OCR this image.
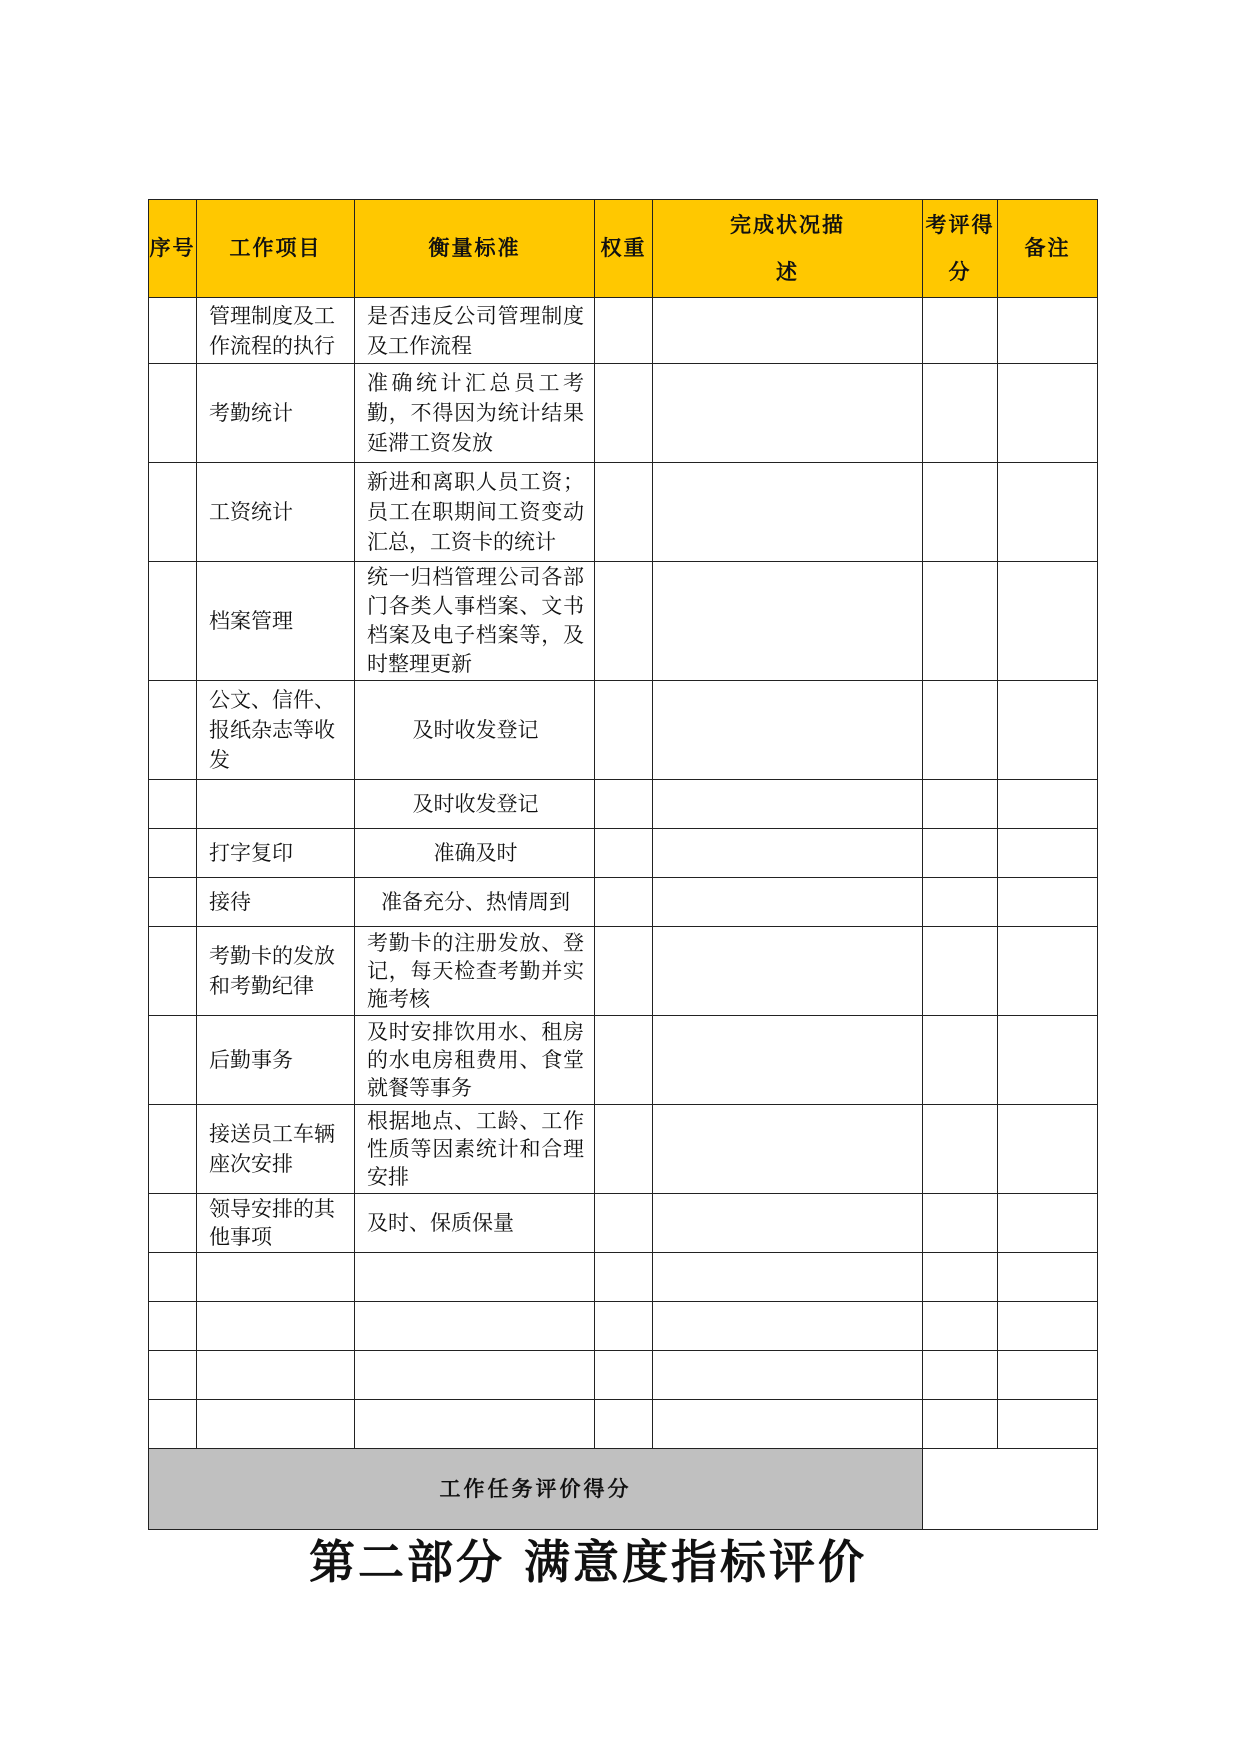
序号	工作项目	衡量标准	权重	完成状况描述	考评得分	备注
	管理制度及工作流程的执行	是否违反公司管理制度及工作流程				
	考勤统计	准确统计汇总员工考勤，不得因为统计结果延滞工资发放				
	工资统计	新进和离职人员工资；员工在职期间工资变动汇总，工资卡的统计				
	档案管理	统一归档管理公司各部门各类人事档案、文书档案及电子档案等，及时整理更新				
	公文、信件、报纸杂志等收发	及时收发登记				
		及时收发登记				
	打字复印	准确及时				
	接待	准备充分、热情周到				
	考勤卡的发放和考勤纪律	考勤卡的注册发放、登记，每天检查考勤并实施考核				
	后勤事务	及时安排饮用水、租房的水电房租费用、食堂就餐等事务				
	接送员工车辆座次安排	根据地点、工龄、工作性质等因素统计和合理安排				
	领导安排的其他事项	及时、保质保量				

工作任务评价得分						
第二部分 满意度指标评价
